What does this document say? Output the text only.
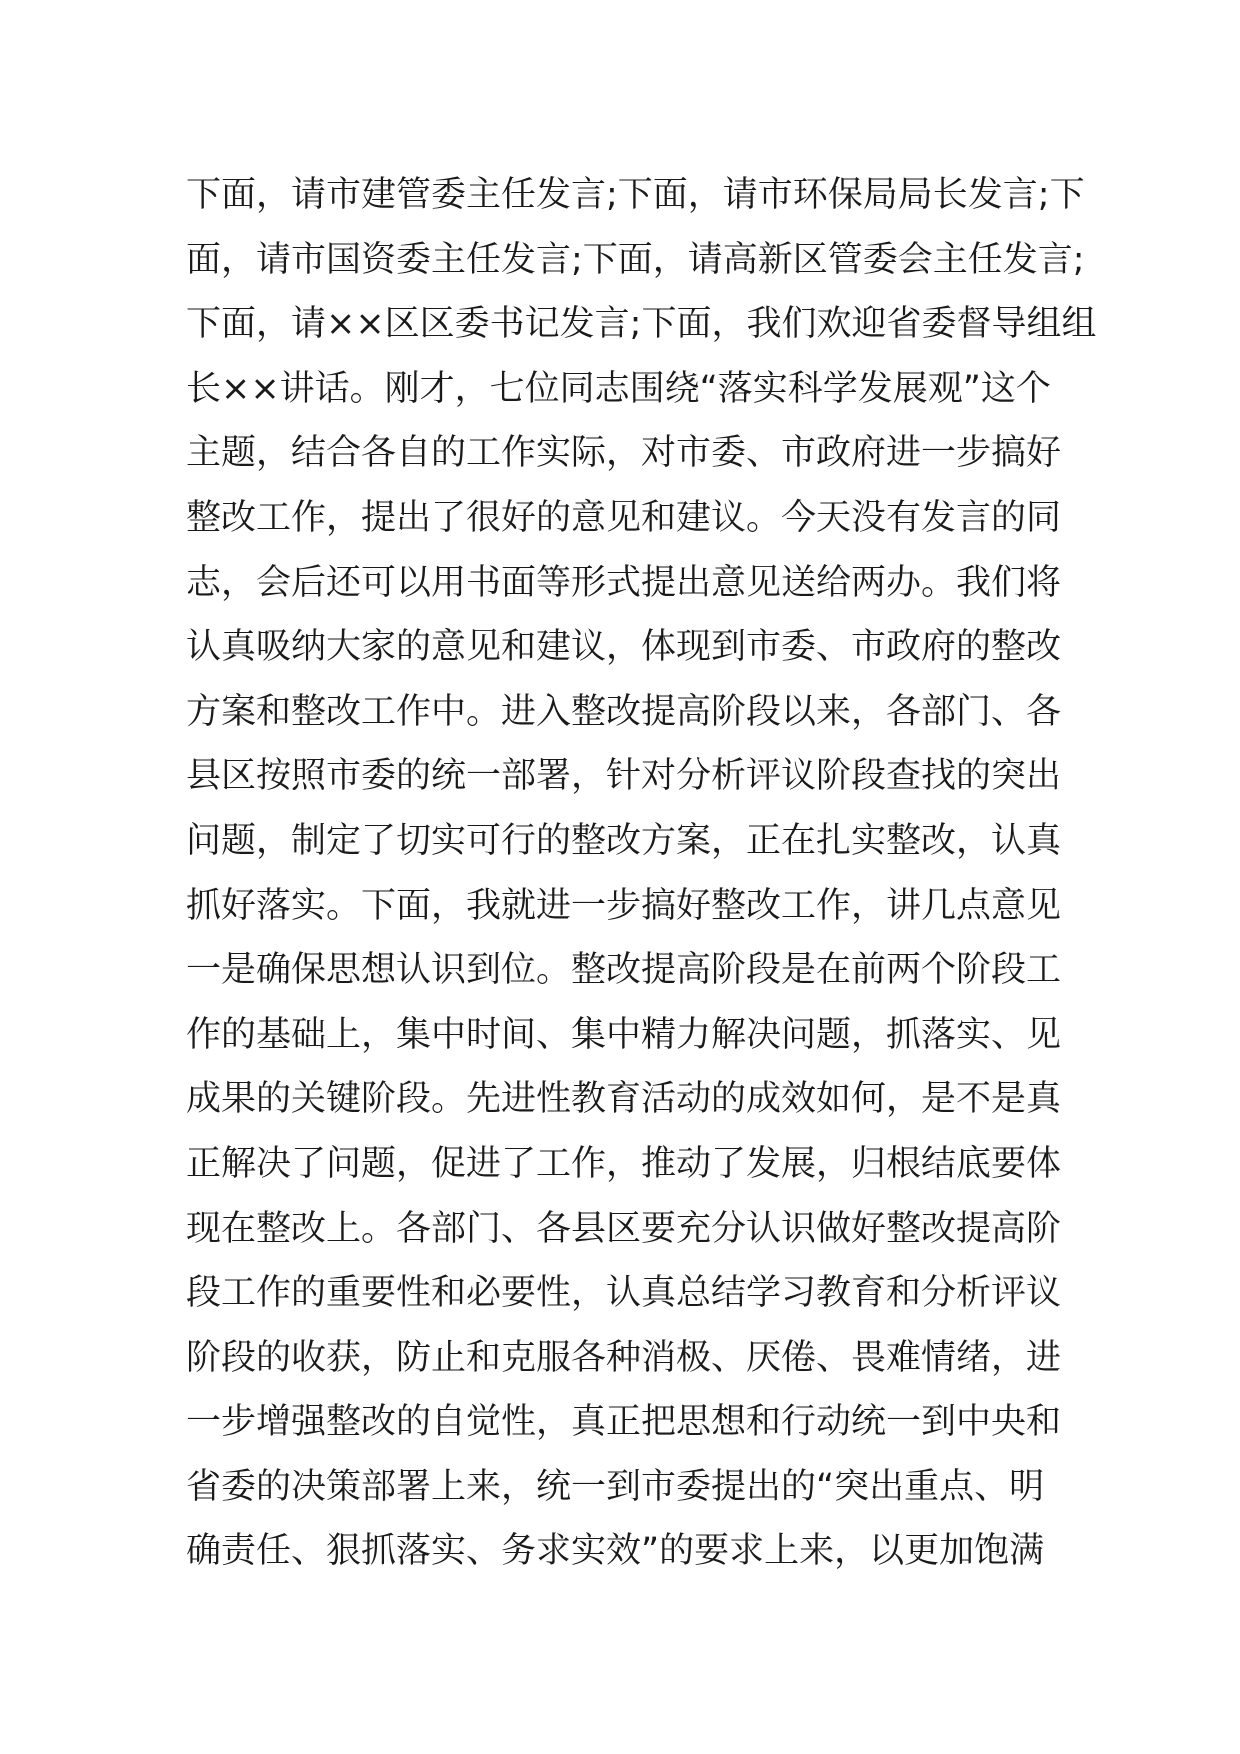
下面，请市建管委主任发言;下面，请市环保局局长发言;下
面，请市国资委主任发言;下面，请高新区管委会主任发言;
下面，请××区区委书记发言;下面，我们欢迎省委督导组组
长××讲话。刚才，七位同志围绕“落实科学发展观”这个
主题，结合各自的工作实际，对市委、市政府进一步搞好
整改工作，提出了很好的意见和建议。今天没有发言的同
志，会后还可以用书面等形式提出意见送给两办。我们将
认真吸纳大家的意见和建议，体现到市委、市政府的整改
方案和整改工作中。进入整改提高阶段以来，各部门、各
县区按照市委的统一部署，针对分析评议阶段查找的突出
问题，制定了切实可行的整改方案，正在扎实整改，认真
抓好落实。下面，我就进一步搞好整改工作，讲几点意见
一是确保思想认识到位。整改提高阶段是在前两个阶段工
作的基础上，集中时间、集中精力解决问题，抓落实、见
成果的关键阶段。先进性教育活动的成效如何，是不是真
正解决了问题，促进了工作，推动了发展，归根结底要体
现在整改上。各部门、各县区要充分认识做好整改提高阶
段工作的重要性和必要性，认真总结学习教育和分析评议
阶段的收获，防止和克服各种消极、厌倦、畏难情绪，进
一步增强整改的自觉性，真正把思想和行动统一到中央和
省委的决策部署上来，统一到市委提出的“突出重点、明
确责任、狠抓落实、务求实效”的要求上来，以更加饱满
